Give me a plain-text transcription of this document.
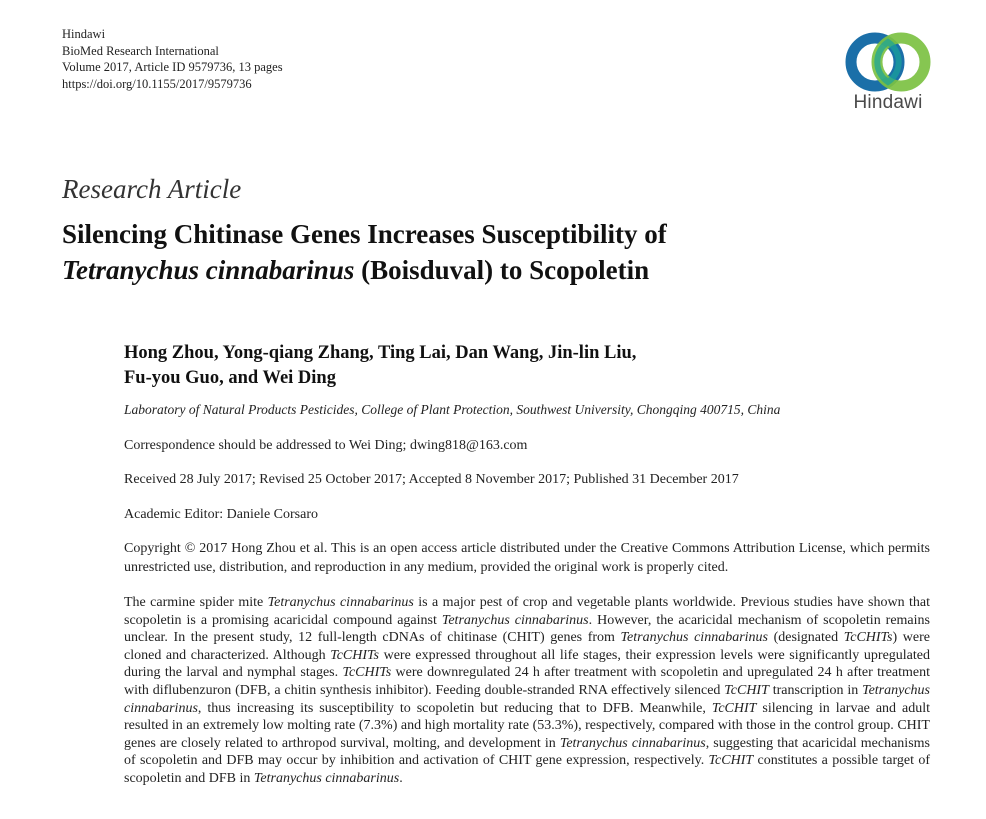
Hindawi
BioMed Research International
Volume 2017, Article ID 9579736, 13 pages
https://doi.org/10.1155/2017/9579736
Hindawi
Research Article
Silencing Chitinase Genes Increases Susceptibility of
Tetranychus cinnabarinus (Boisduval) to Scopoletin
Hong Zhou, Yong-qiang Zhang, Ting Lai, Dan Wang, Jin-lin Liu,
Fu-you Guo, and Wei Ding
Laboratory of Natural Products Pesticides, College of Plant Protection, Southwest University, Chongqing 400715, China
Correspondence should be addressed to Wei Ding; dwing818@163.com
Received 28 July 2017; Revised 25 October 2017; Accepted 8 November 2017; Published 31 December 2017
Academic Editor: Daniele Corsaro
Copyright © 2017 Hong Zhou et al. This is an open access article distributed under the Creative Commons Attribution License, which permits unrestricted use, distribution, and reproduction in any medium, provided the original work is properly cited.
The carmine spider mite Tetranychus cinnabarinus is a major pest of crop and vegetable plants worldwide. Previous studies have shown that scopoletin is a promising acaricidal compound against Tetranychus cinnabarinus. However, the acaricidal mechanism of scopoletin remains unclear. In the present study, 12 full-length cDNAs of chitinase (CHIT) genes from Tetranychus cinnabarinus (designated TcCHITs) were cloned and characterized. Although TcCHITs were expressed throughout all life stages, their expression levels were significantly upregulated during the larval and nymphal stages. TcCHITs were downregulated 24 h after treatment with scopoletin and upregulated 24 h after treatment with diflubenzuron (DFB, a chitin synthesis inhibitor). Feeding double-stranded RNA effectively silenced TcCHIT transcription in Tetranychus cinnabarinus, thus increasing its susceptibility to scopoletin but reducing that to DFB. Meanwhile, TcCHIT silencing in larvae and adult resulted in an extremely low molting rate (7.3%) and high mortality rate (53.3%), respectively, compared with those in the control group. CHIT genes are closely related to arthropod survival, molting, and development in Tetranychus cinnabarinus, suggesting that acaricidal mechanisms of scopoletin and DFB may occur by inhibition and activation of CHIT gene expression, respectively. TcCHIT constitutes a possible target of scopoletin and DFB in Tetranychus cinnabarinus.
